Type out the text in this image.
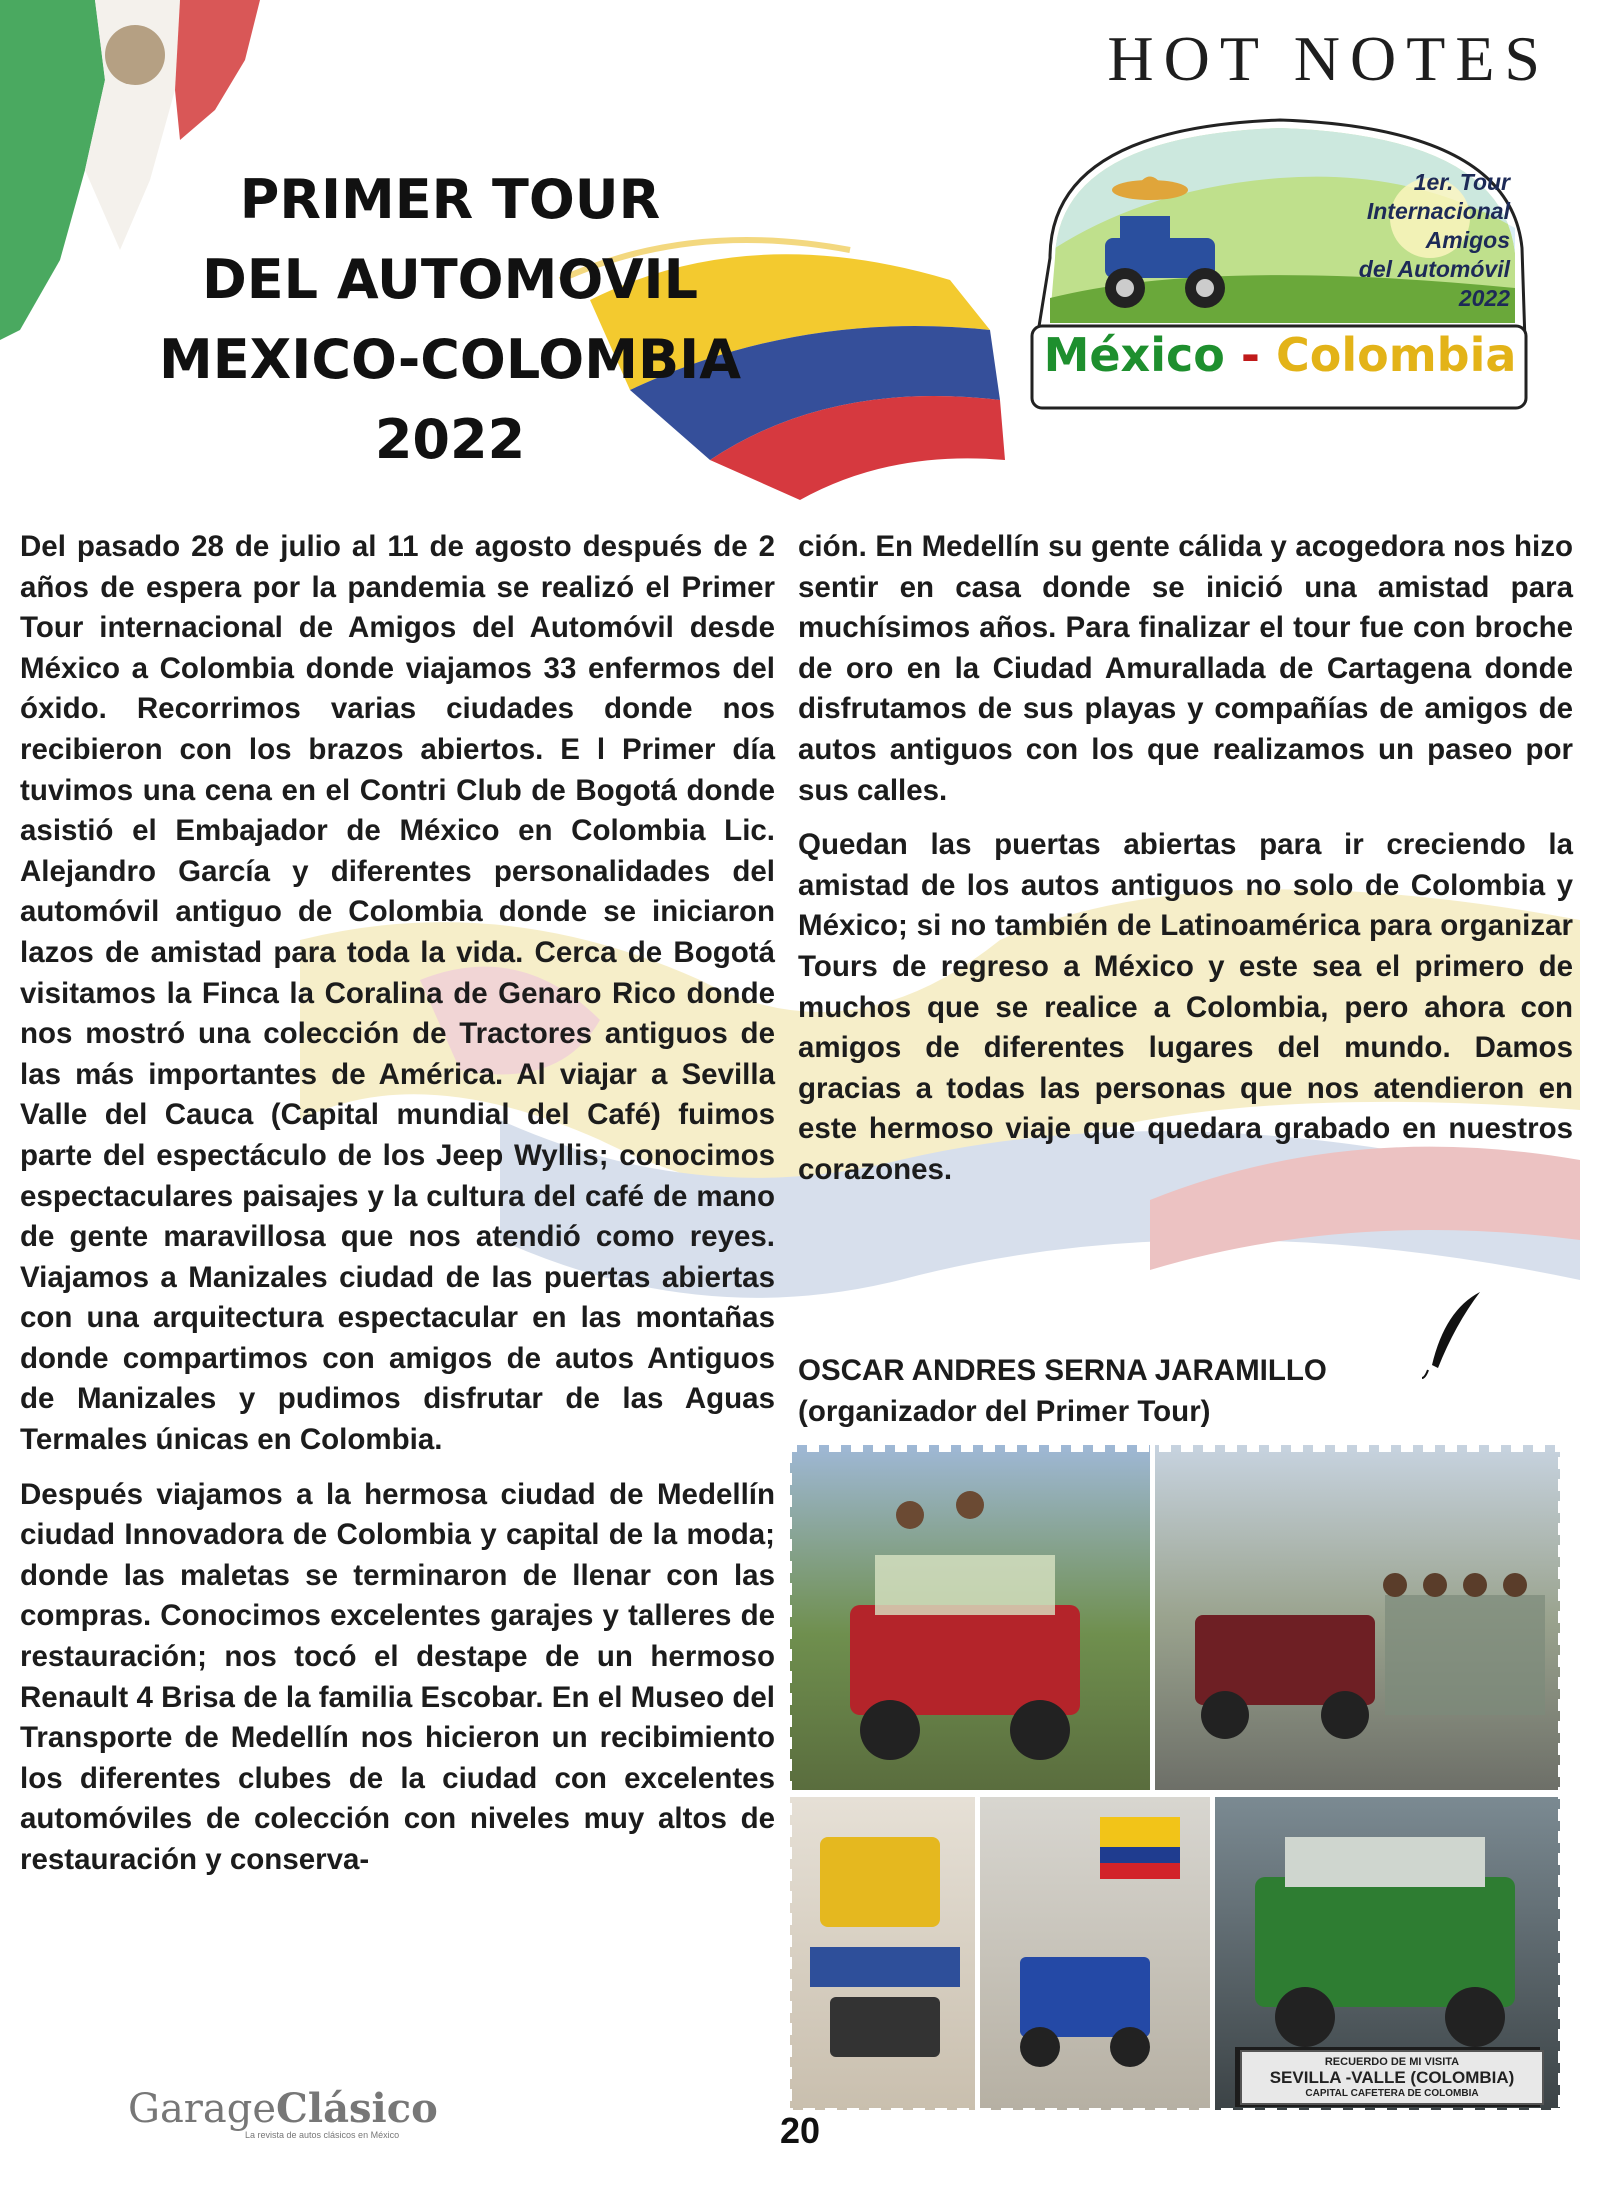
HOT NOTES
PRIMER TOUR
DEL AUTOMOVIL
MEXICO-COLOMBIA
2022
1er. Tour
Internacional
Amigos
del Automóvil
2022
México - Colombia

Del pasado 28 de julio al 11 de agosto después de 2 años de espera por la pandemia se realizó el Primer Tour internacional de Amigos del Automóvil desde México a Colombia donde viajamos 33 enfermos del óxido. Recorrimos varias ciudades donde nos recibieron con los brazos abiertos. E l Primer día tuvimos una cena en el Contri Club de Bogotá donde asistió el Embajador de México en Colombia Lic. Alejandro García y diferentes personalidades del automóvil antiguo de Colombia donde se iniciaron lazos de amistad para toda la vida. Cerca de Bogotá visitamos la Finca la Coralina de Genaro Rico donde nos mostró una colección de Tractores antiguos de las más importantes de América. Al viajar a Sevilla Valle del Cauca (Capital mundial del Café) fuimos parte del espectáculo de los Jeep Wyllis; conocimos espectaculares paisajes y la cultura del café de mano de gente maravillosa que nos atendió como reyes. Viajamos a Manizales ciudad de las puertas abiertas con una arquitectura espectacular en las montañas donde compartimos con amigos de autos Antiguos de Manizales y pudimos disfrutar de las Aguas Termales únicas en Colombia.

Después viajamos a la hermosa ciudad de Medellín ciudad Innovadora de Colombia y capital de la moda; donde las maletas se terminaron de llenar con las compras. Conocimos excelentes garajes y talleres de restauración; nos tocó el destape de un hermoso Renault 4 Brisa de la familia Escobar. En el Museo del Transporte de Medellín nos hicieron un recibimiento los diferentes clubes de la ciudad con excelentes automóviles de colección con niveles muy altos de restauración y conserva-

ción. En Medellín su gente cálida y acogedora nos hizo sentir en casa donde se inició una amistad para muchísimos años. Para finalizar el tour fue con broche de oro en la Ciudad Amurallada de Cartagena donde disfrutamos de sus playas y compañías de amigos de autos antiguos con los que realizamos un paseo por sus calles.

Quedan las puertas abiertas para ir creciendo la amistad de los autos antiguos no solo de Colombia y México; si no también de Latinoamérica para organizar Tours de regreso a México y este sea el primero de muchos que se realice a Colombia, pero ahora con amigos de diferentes lugares del mundo. Damos gracias a todas las personas que nos atendieron en este hermoso viaje que quedara grabado en nuestros corazones.

OSCAR ANDRES SERNA JARAMILLO
(organizador del Primer Tour)
RECUERDO DE MI VISITA
SEVILLA -VALLE (COLOMBIA)
CAPITAL CAFETERA DE COLOMBIA
GarageClásico
La revista de autos clásicos en México	20
